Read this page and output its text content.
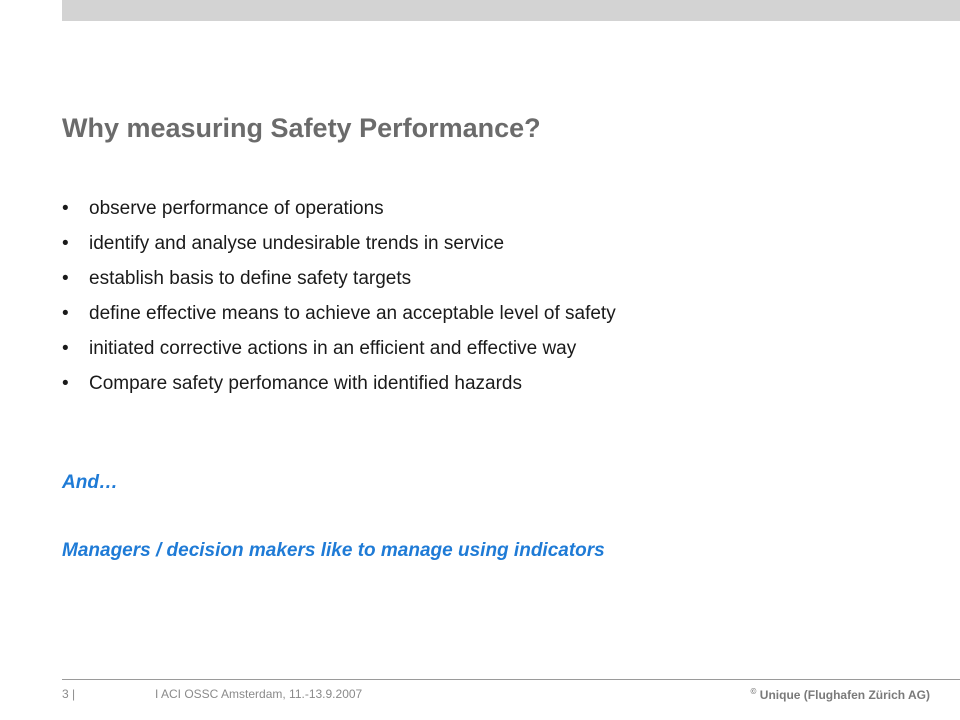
Why measuring Safety Performance?
•	observe performance of operations
•	identify and analyse undesirable trends in service
•	establish basis to define safety targets
•	define effective means to achieve an acceptable level of safety
•	initiated corrective actions in an efficient and effective way
•	Compare safety perfomance with identified hazards

And…

Managers / decision makers like to manage using indicators

3 |	I ACI OSSC Amsterdam, 11.-13.9.2007	© Unique (Flughafen Zürich AG)
